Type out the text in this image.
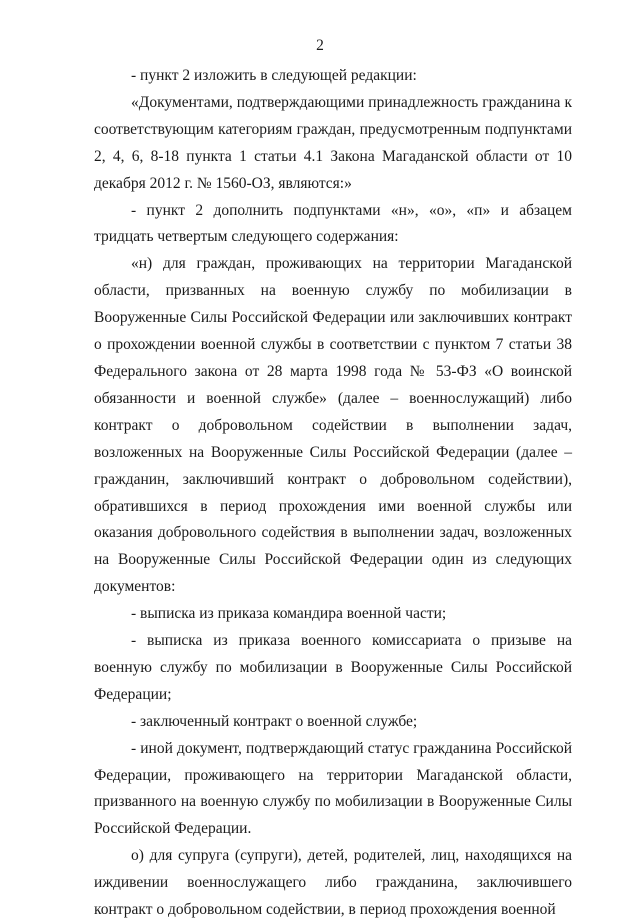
2

- пункт 2 изложить в следующей редакции:

«Документами, подтверждающими принадлежность гражданина к соответствующим категориям граждан, предусмотренным подпунктами 2, 4, 6, 8-18 пункта 1 статьи 4.1 Закона Магаданской области от 10 декабря 2012 г. № 1560-ОЗ, являются:»

- пункт 2 дополнить подпунктами «н», «о», «п» и абзацем тридцать четвертым следующего содержания:

«н) для граждан, проживающих на территории Магаданской области, призванных на военную службу по мобилизации в Вооруженные Силы Российской Федерации или заключивших контракт о прохождении военной службы в соответствии с пунктом 7 статьи 38 Федерального закона от 28 марта 1998 года № 53-ФЗ «О воинской обязанности и военной службе» (далее – военнослужащий) либо контракт о добровольном содействии в выполнении задач, возложенных на Вооруженные Силы Российской Федерации (далее – гражданин, заключивший контракт о добровольном содействии), обратившихся в период прохождения ими военной службы или оказания добровольного содействия в выполнении задач, возложенных на Вооруженные Силы Российской Федерации один из следующих документов:

- выписка из приказа командира военной части;

- выписка из приказа военного комиссариата о призыве на военную службу по мобилизации в Вооруженные Силы Российской Федерации;

- заключенный контракт о военной службе;

- иной документ, подтверждающий статус гражданина Российской Федерации, проживающего на территории Магаданской области, призванного на военную службу по мобилизации в Вооруженные Силы Российской Федерации.

о) для супруга (супруги), детей, родителей, лиц, находящихся на иждивении военнослужащего либо гражданина, заключившего контракт о добровольном содействии, в период прохождения военной
